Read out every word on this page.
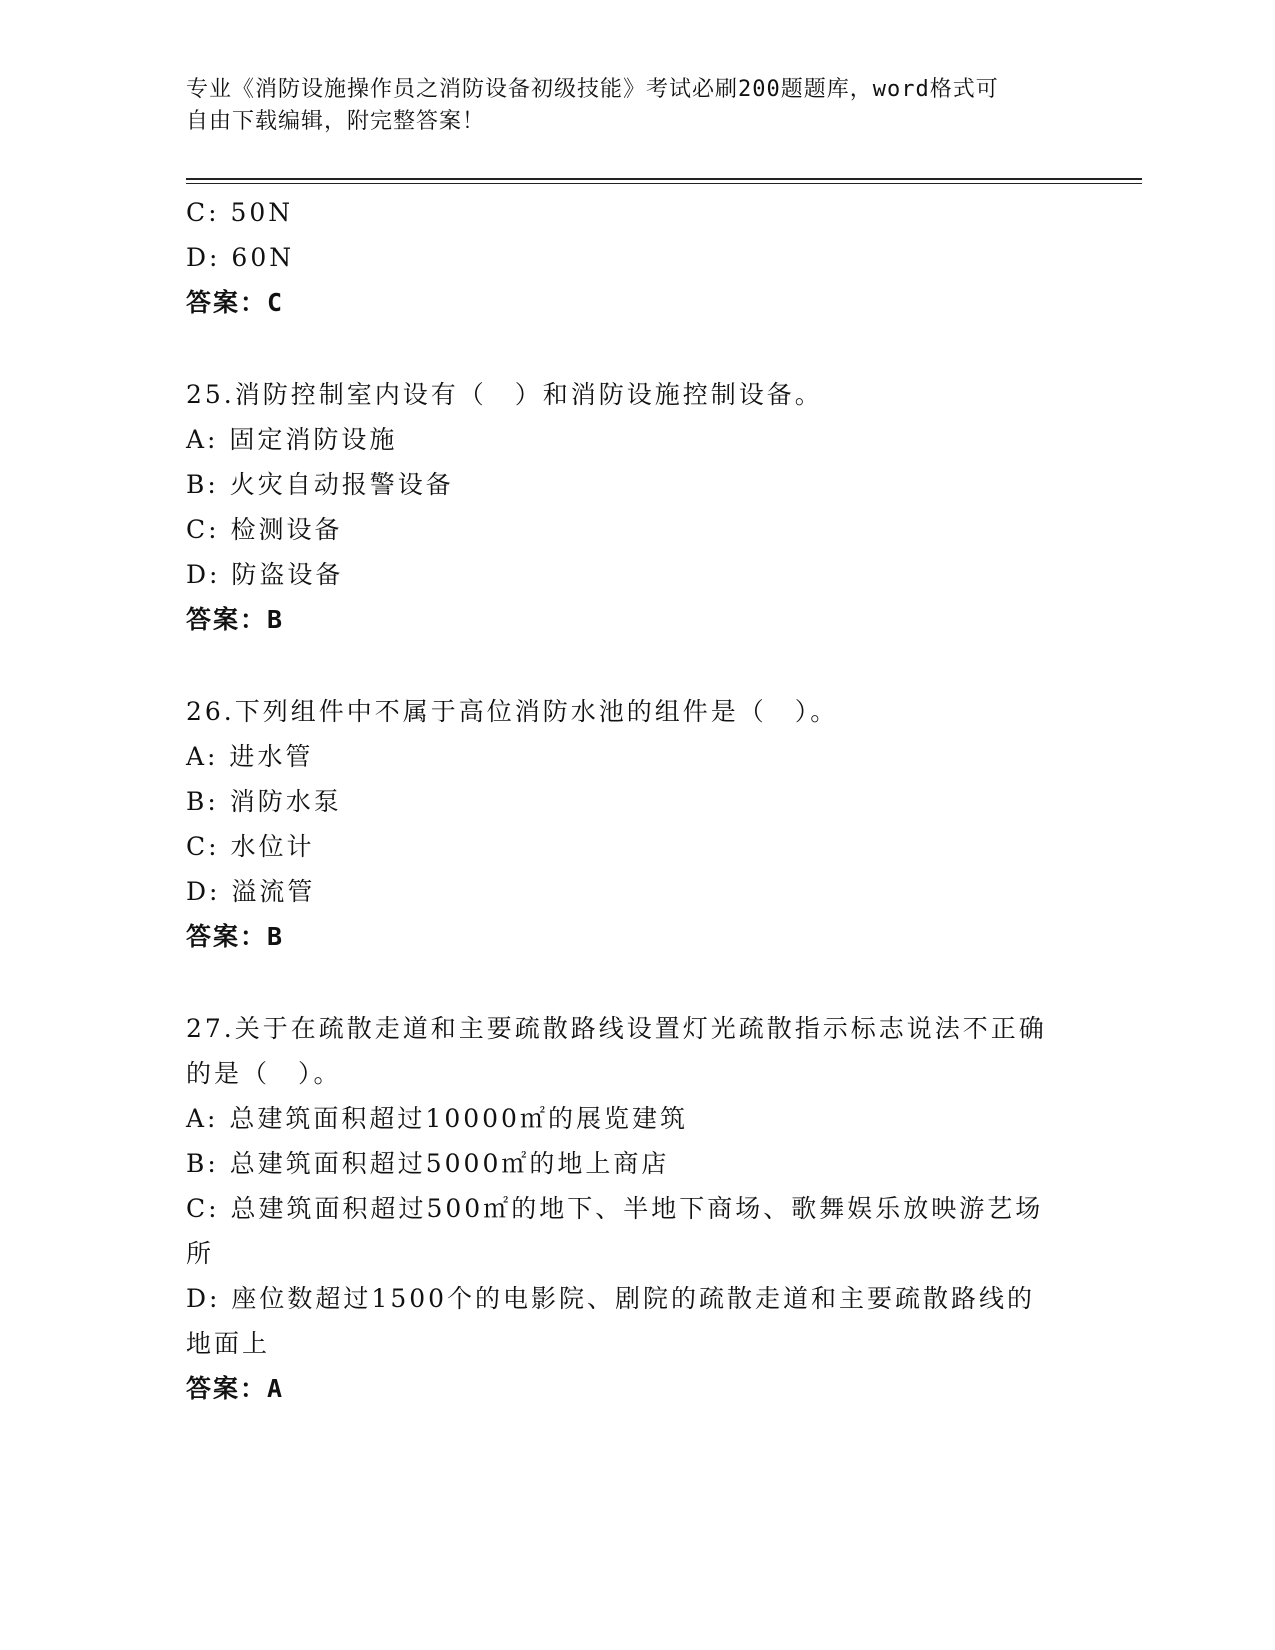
专业《消防设施操作员之消防设备初级技能》考试必刷200题题库，word格式可
自由下载编辑，附完整答案！
C: 50N
D: 60N
答案：C
25.消防控制室内设有（　）和消防设施控制设备。
A: 固定消防设施
B: 火灾自动报警设备
C: 检测设备
D: 防盗设备
答案：B
26.下列组件中不属于高位消防水池的组件是（　）。
A: 进水管
B: 消防水泵
C: 水位计
D: 溢流管
答案：B
27.关于在疏散走道和主要疏散路线设置灯光疏散指示标志说法不正确
的是（　）。
A: 总建筑面积超过10000㎡的展览建筑
B: 总建筑面积超过5000㎡的地上商店
C: 总建筑面积超过500㎡的地下、半地下商场、歌舞娱乐放映游艺场
所
D: 座位数超过1500个的电影院、剧院的疏散走道和主要疏散路线的
地面上
答案：A
